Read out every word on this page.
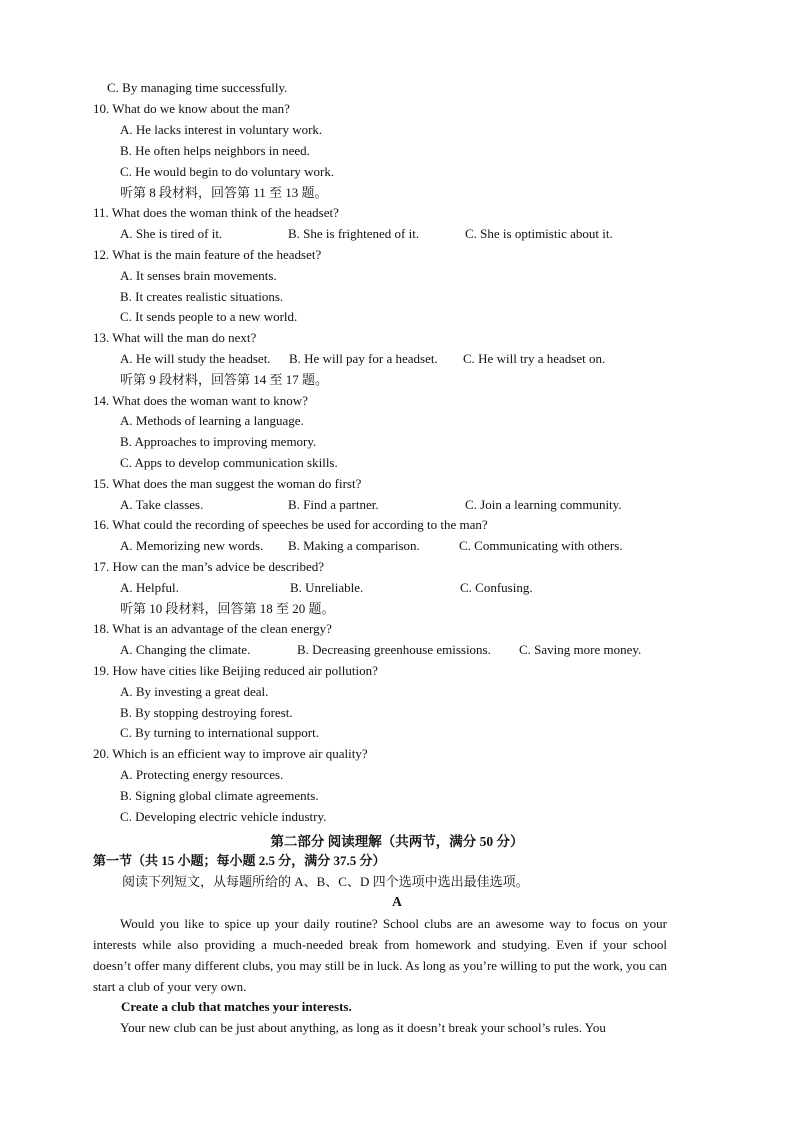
C. By managing time successfully.
10. What do we know about the man?
A. He lacks interest in voluntary work.
B. He often helps neighbors in need.
C. He would begin to do voluntary work.
听第 8 段材料，回答第 11 至 13 题。
11. What does the woman think of the headset?
A. She is tired of it.	B. She is frightened of it.	C. She is optimistic about it.
12. What is the main feature of the headset?
A. It senses brain movements.
B. It creates realistic situations.
C. It sends people to a new world.
13. What will the man do next?
A. He will study the headset. B. He will pay for a headset. C. He will try a headset on.
听第 9 段材料，回答第 14 至 17 题。
14. What does the woman want to know?
A. Methods of learning a language.
B. Approaches to improving memory.
C. Apps to develop communication skills.
15. What does the man suggest the woman do first?
A. Take classes.	B. Find a partner.	C. Join a learning community.
16. What could the recording of speeches be used for according to the man?
A. Memorizing new words. B. Making a comparison.	C. Communicating with others.
17. How can the man’s advice be described?
A. Helpful.	B. Unreliable.	C. Confusing.
听第 10 段材料，回答第 18 至 20 题。
18. What is an advantage of the clean energy?
A. Changing the climate.	B. Decreasing greenhouse emissions. C. Saving more money.
19. How have cities like Beijing reduced air pollution?
A. By investing a great deal.
B. By stopping destroying forest.
C. By turning to international support.
20. Which is an efficient way to improve air quality?
A. Protecting energy resources.
B. Signing global climate agreements.
C. Developing electric vehicle industry.
第二部分 阅读理解（共两节，满分 50 分）
第一节（共 15 小题；每小题 2.5 分，满分 37.5 分）
阅读下列短文，从每题所给的 A、B、C、D 四个选项中选出最佳选项。
A
Would you like to spice up your daily routine? School clubs are an awesome way to focus on your interests while also providing a much-needed break from homework and studying. Even if your school doesn’t offer many different clubs, you may still be in luck. As long as you’re willing to put the work, you can start a club of your very own.
Create a club that matches your interests.
Your new club can be just about anything, as long as it doesn’t break your school’s rules. You
